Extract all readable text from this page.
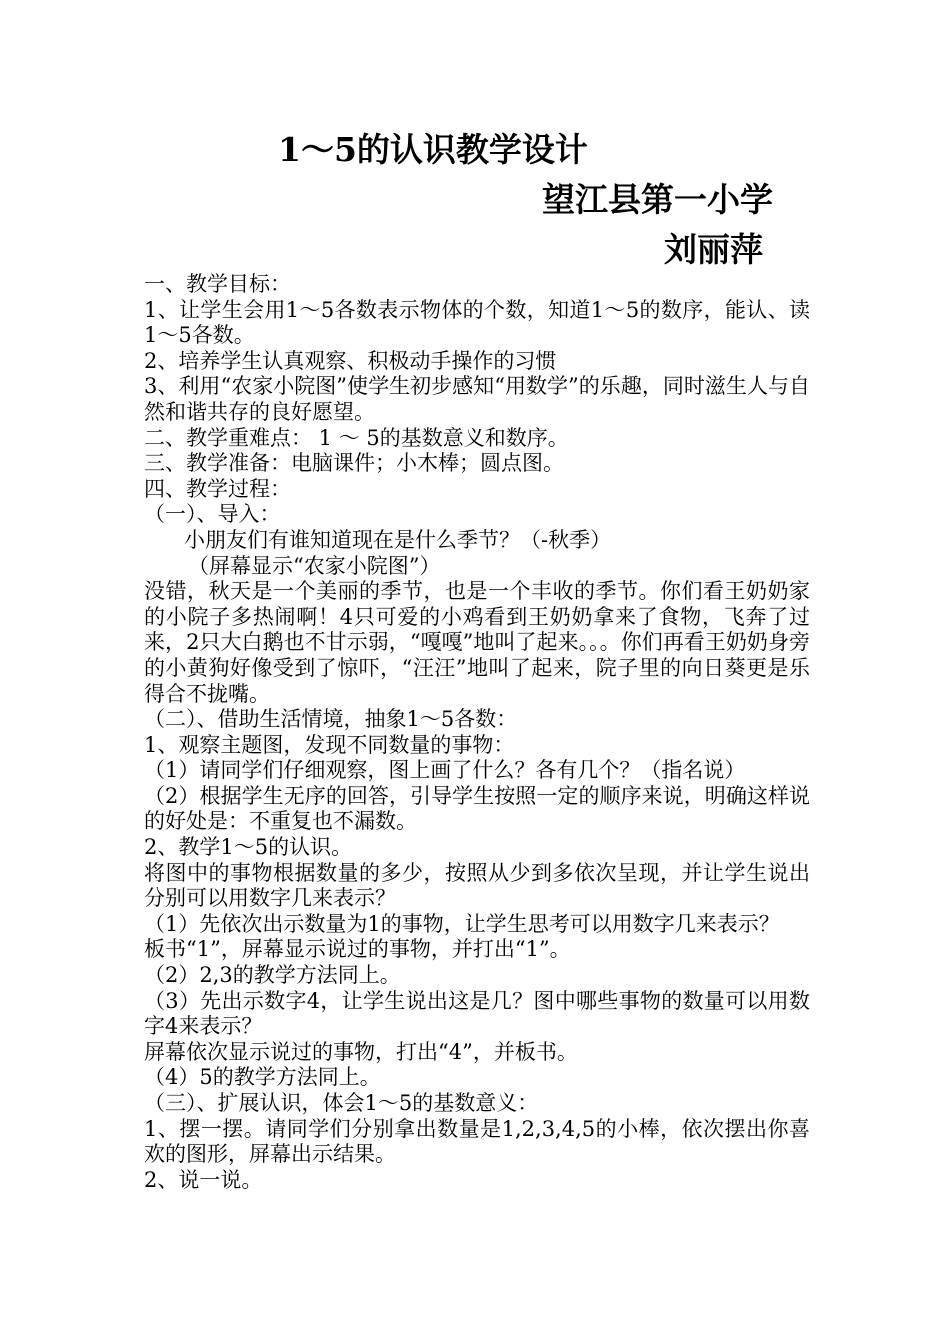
1～5的认识教学设计
望江县第一小学
刘丽萍

一、教学目标：

1、让学生会用1～5各数表示物体的个数，知道1～5的数序，能认、读1～5各数。

2、培养学生认真观察、积极动手操作的习惯

3、利用“农家小院图”使学生初步感知“用数学”的乐趣，同时滋生人与自然和谐共存的良好愿望。

二、教学重难点： 1 ～ 5的基数意义和数序。

三、教学准备：电脑课件；小木棒；圆点图。

四、教学过程：

（一）、导入：

小朋友们有谁知道现在是什么季节？（-秋季）

（屏幕显示“农家小院图”）

没错，秋天是一个美丽的季节，也是一个丰收的季节。你们看王奶奶家的小院子多热闹啊！4只可爱的小鸡看到王奶奶拿来了食物，飞奔了过来，2只大白鹅也不甘示弱，“嘎嘎”地叫了起来。。。你们再看王奶奶身旁的小黄狗好像受到了惊吓，“汪汪”地叫了起来，院子里的向日葵更是乐得合不拢嘴。

（二）、借助生活情境，抽象1～5各数：

1、观察主题图，发现不同数量的事物：

（1）请同学们仔细观察，图上画了什么？各有几个？（指名说）

（2）根据学生无序的回答，引导学生按照一定的顺序来说，明确这样说的好处是：不重复也不漏数。

2、教学1～5的认识。

将图中的事物根据数量的多少，按照从少到多依次呈现，并让学生说出分别可以用数字几来表示？

（1）先依次出示数量为1的事物，让学生思考可以用数字几来表示？

板书“1”，屏幕显示说过的事物，并打出“1”。

（2）2,3的教学方法同上。

（3）先出示数字4，让学生说出这是几？图中哪些事物的数量可以用数字4来表示？

屏幕依次显示说过的事物，打出“4”，并板书。

（4）5的教学方法同上。

（三）、扩展认识，体会1～5的基数意义：

1、摆一摆。请同学们分别拿出数量是1,2,3,4,5的小棒，依次摆出你喜欢的图形，屏幕出示结果。

2、说一说。
